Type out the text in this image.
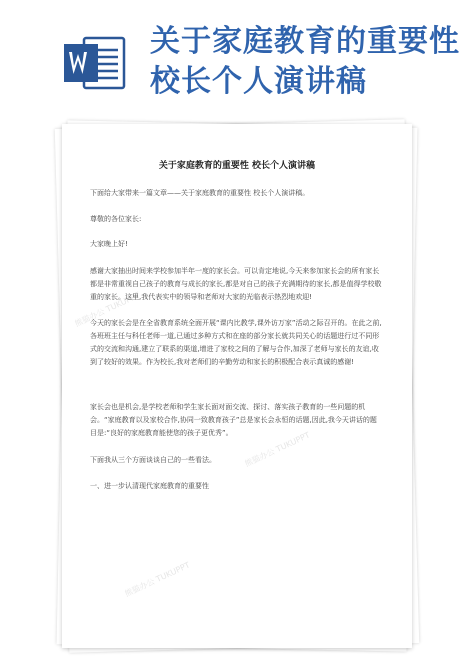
关于家庭教育的重要性校长个人演讲稿
熊猫办公 TUKUPPT
熊猫办公 TUKUPPT
熊猫办公 TUKUPPT
关于家庭教育的重要性 校长个人演讲稿
下面给大家带来一篇文章——关于家庭教育的重要性 校长个人演讲稿。
尊敬的各位家长:
大家晚上好!
感谢大家抽出时间来学校参加半年一度的家长会。可以肯定地说,今天来参加家长会的所有家长都是非常重视自己孩子的教育与成长的家长,都是对自己的孩子充满期待的家长,都是值得学校敬重的家长。这里,我代表实中的领导和老师对大家的光临表示热烈地欢迎!
今天的家长会是在全省教育系统全面开展“课内比教学,课外访万家”活动之际召开的。在此之前,各班班主任与科任老师一道,已通过多种方式和在座的部分家长就共同关心的话题进行过不同形式的交流和沟通,建立了联系的渠道,增进了家校之间的了解与合作,加深了老师与家长的友谊,收到了较好的效果。作为校长,我对老师们的辛勤劳动和家长的积极配合表示真诚的感谢!
家长会也是机会,是学校老师和学生家长面对面交流、探讨、落实孩子教育的一些问题的机会。“家庭教育以及家校合作,协同一致教育孩子”总是家长会永恒的话题,因此,我今天讲话的题目是:“良好的家庭教育能使您的孩子更优秀”。
下面我从三个方面谈谈自己的一些看法。
一、进一步认清现代家庭教育的重要性
